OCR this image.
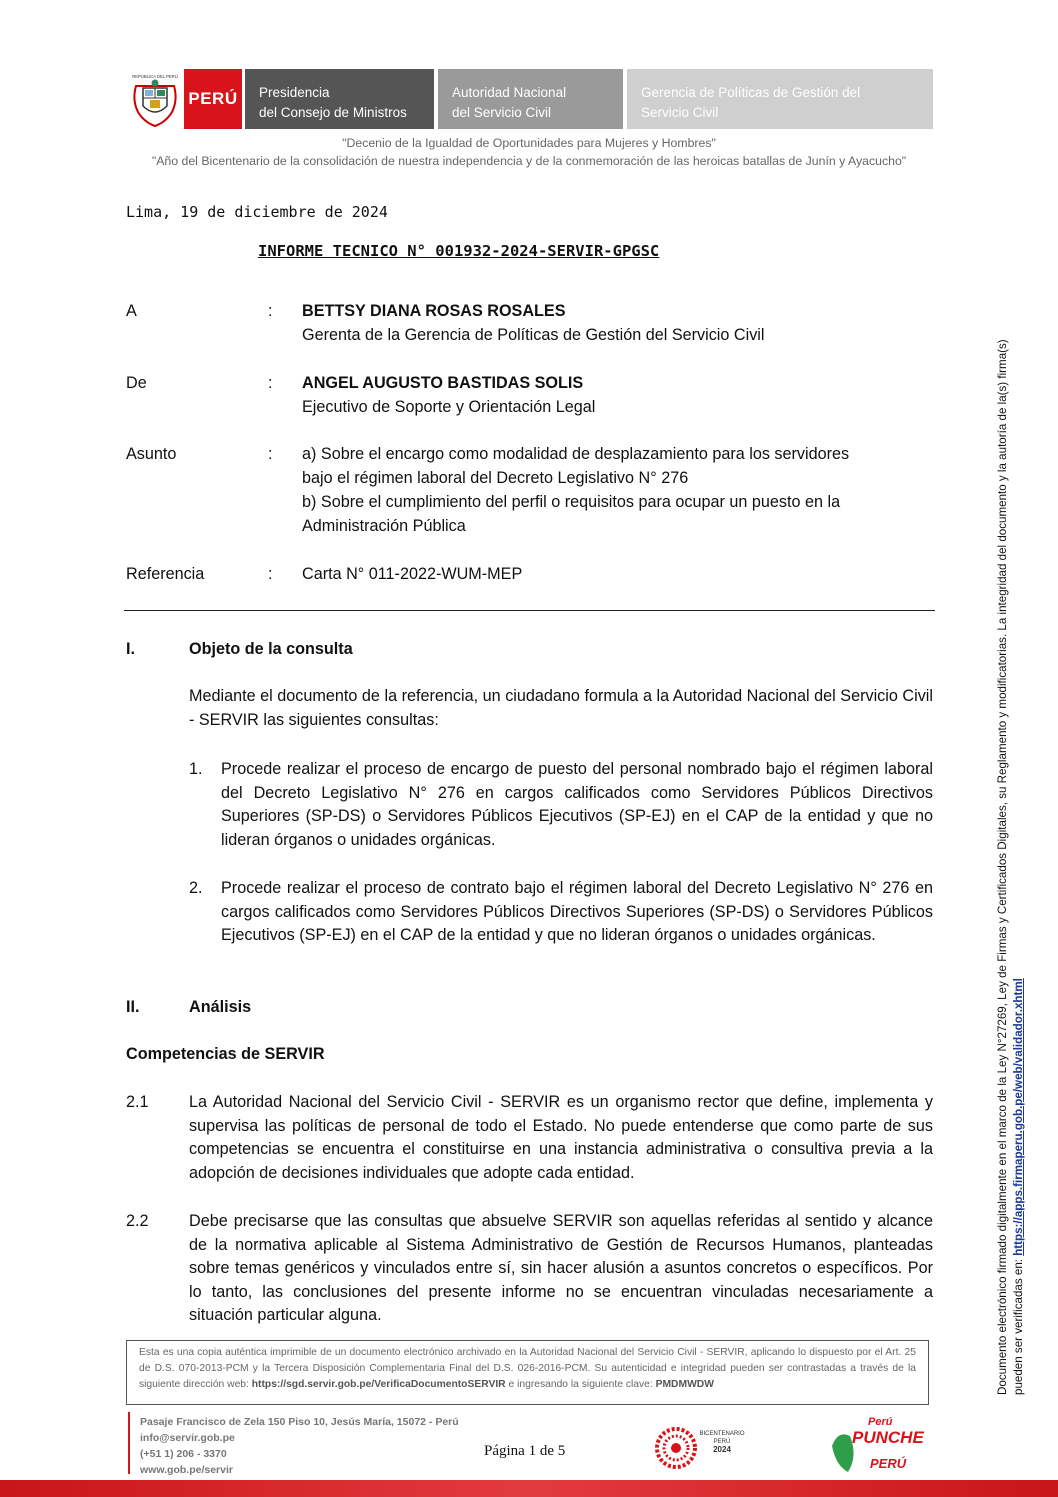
REPÚBLICA DEL PERÚ
PERÚ	Presidencia
del Consejo de Ministros
Autoridad Nacional
del Servicio Civil
Gerencia de Políticas de Gestión del
Servicio Civil
"Decenio de la Igualdad de Oportunidades para Mujeres y Hombres"
"Año del Bicentenario de la consolidación de nuestra independencia y de la conmemoración de las heroicas batallas de Junín y Ayacucho"
Lima, 19 de diciembre de 2024
INFORME TECNICO N° 001932-2024-SERVIR-GPGSC
A	: BETTSY DIANA ROSAS ROSALES
Gerenta de la Gerencia de Políticas de Gestión del Servicio Civil
De	: ANGEL AUGUSTO BASTIDAS SOLIS
Ejecutivo de Soporte y Orientación Legal
Asunto	: a) Sobre el encargo como modalidad de desplazamiento para los servidores
bajo el régimen laboral del Decreto Legislativo N° 276
b) Sobre el cumplimiento del perfil o requisitos para ocupar un puesto en la
Administración Pública
Referencia	: Carta N° 011-2022-WUM-MEP
I.	Objeto de la consulta
Mediante el documento de la referencia, un ciudadano formula a la Autoridad Nacional del Servicio Civil - SERVIR las siguientes consultas:
1. Procede realizar el proceso de encargo de puesto del personal nombrado bajo el régimen laboral del Decreto Legislativo N° 276 en cargos calificados como Servidores Públicos Directivos Superiores (SP-DS) o Servidores Públicos Ejecutivos (SP-EJ) en el CAP de la entidad y que no lideran órganos o unidades orgánicas.
2. Procede realizar el proceso de contrato bajo el régimen laboral del Decreto Legislativo N° 276 en cargos calificados como Servidores Públicos Directivos Superiores (SP-DS) o Servidores Públicos Ejecutivos (SP-EJ) en el CAP de la entidad y que no lideran órganos o unidades orgánicas.
II.	Análisis
Competencias de SERVIR
2.1 La Autoridad Nacional del Servicio Civil - SERVIR es un organismo rector que define, implementa y supervisa las políticas de personal de todo el Estado. No puede entenderse que como parte de sus competencias se encuentra el constituirse en una instancia administrativa o consultiva previa a la adopción de decisiones individuales que adopte cada entidad.
2.2 Debe precisarse que las consultas que absuelve SERVIR son aquellas referidas al sentido y alcance de la normativa aplicable al Sistema Administrativo de Gestión de Recursos Humanos, planteadas sobre temas genéricos y vinculados entre sí, sin hacer alusión a asuntos concretos o específicos. Por lo tanto, las conclusiones del presente informe no se encuentran vinculadas necesariamente a situación particular alguna.
Esta es una copia auténtica imprimible de un documento electrónico archivado en la Autoridad Nacional del Servicio Civil - SERVIR, aplicando lo dispuesto por el Art. 25 de D.S. 070-2013-PCM y la Tercera Disposición Complementaria Final del D.S. 026-2016-PCM. Su autenticidad e integridad pueden ser contrastadas a través de la siguiente dirección web: https://sgd.servir.gob.pe/VerificaDocumentoSERVIR e ingresando la siguiente clave: PMDMWDW
Pasaje Francisco de Zela 150 Piso 10, Jesús María, 15072 - Perú
info@servir.gob.pe
(+51 1) 206 - 3370
www.gob.pe/servir
Página 1 de 5
BICENTENARIO
PERÚ
2024
Perú
PUNCHE
PERÚ
Documento electrónico firmado digitalmente en el marco de la Ley N°27269, Ley de Firmas y Certificados Digitales, su Reglamento y modificatorias. La integridad del documento y la autoría de la(s) firma(s) pueden ser verificadas en: https://apps.firmaperu.gob.pe/web/validador.xhtml
